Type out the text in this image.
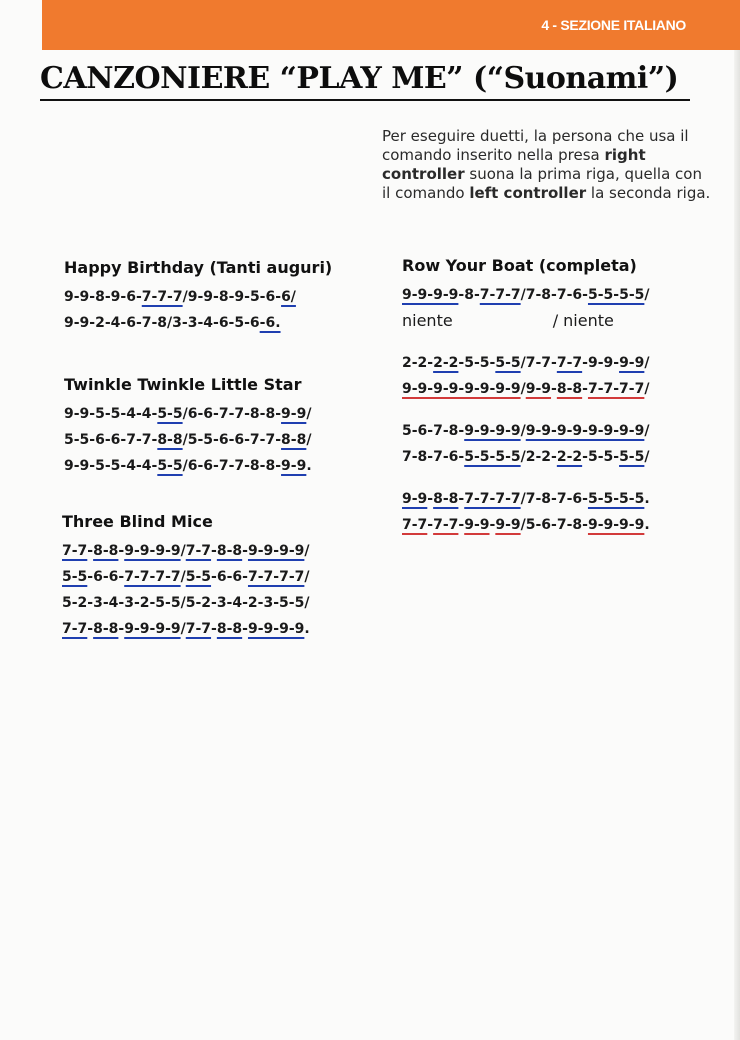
4 - SEZIONE ITALIANO
CANZONIERE “PLAY ME” (“Suonami”)

Per eseguire duetti, la persona che usa il comando inserito nella presa right controller suona la prima riga, quella con il comando left controller la seconda riga.

Happy Birthday (Tanti auguri)
9-9-8-9-6-7-7-7/9-9-8-9-5-6-6/
9-9-2-4-6-7-8/3-3-4-6-5-6-6.
Twinkle Twinkle Little Star
9-9-5-5-4-4-5-5/6-6-7-7-8-8-9-9/
5-5-6-6-7-7-8-8/5-5-6-6-7-7-8-8/
9-9-5-5-4-4-5-5/6-6-7-7-8-8-9-9.
Three Blind Mice
7-7-8-8-9-9-9-9/7-7-8-8-9-9-9-9/
5-5-6-6-7-7-7-7/5-5-6-6-7-7-7-7/
5-2-3-4-3-2-5-5/5-2-3-4-2-3-5-5/
7-7-8-8-9-9-9-9/7-7-8-8-9-9-9-9.
Row Your Boat (completa)
9-9-9-9-8-7-7-7/7-8-7-6-5-5-5-5/
niente	/ niente
2-2-2-2-5-5-5-5/7-7-7-7-9-9-9-9/
9-9-9-9-9-9-9-9/9-9-8-8-7-7-7-7/
5-6-7-8-9-9-9-9/9-9-9-9-9-9-9-9/
7-8-7-6-5-5-5-5/2-2-2-2-5-5-5-5/
9-9-8-8-7-7-7-7/7-8-7-6-5-5-5-5.
7-7-7-7-9-9-9-9/5-6-7-8-9-9-9-9.
